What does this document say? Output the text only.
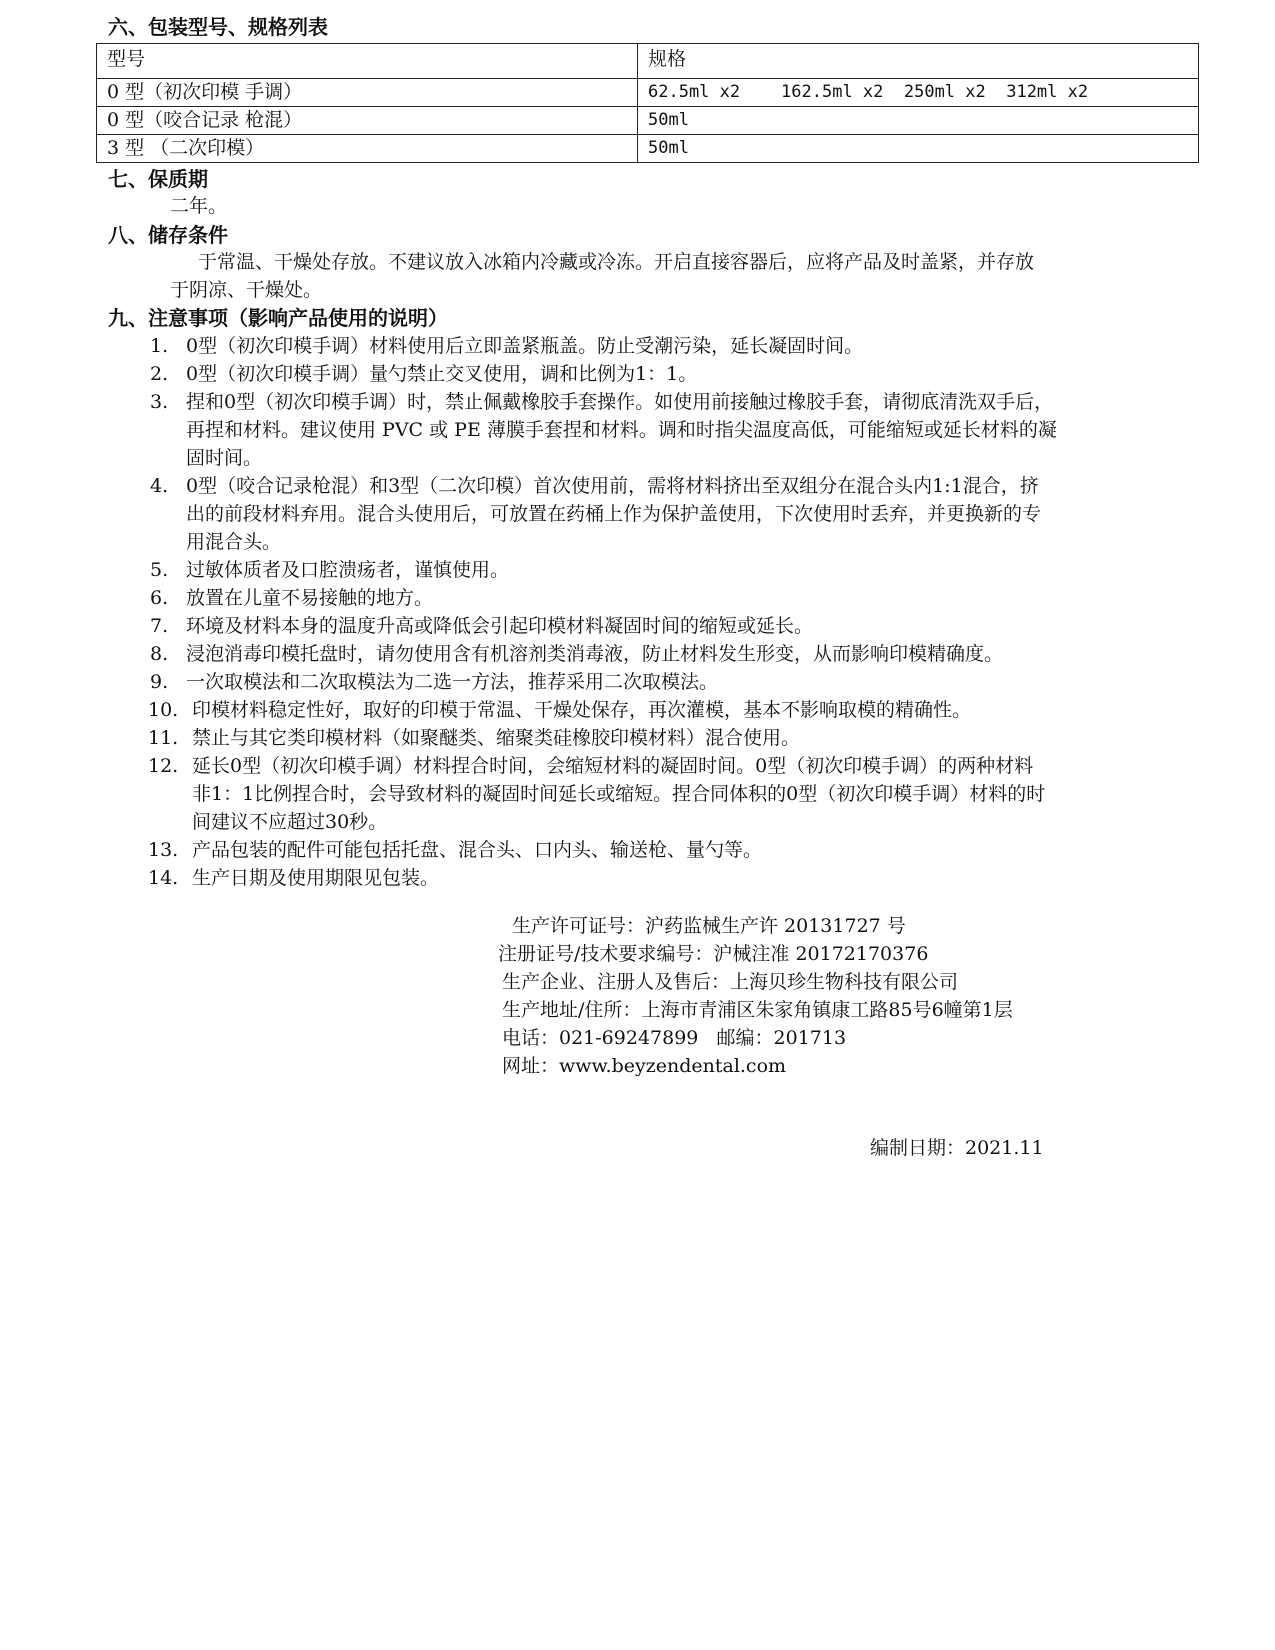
六、包装型号、规格列表
型号	规格
0 型（初次印模 手调）	62.5ml x2    162.5ml x2  250ml x2  312ml x2
0 型（咬合记录 枪混）	50ml
3 型 （二次印模）	50ml
七、保质期
二年。
八、储存条件
于常温、干燥处存放。不建议放入冰箱内冷藏或冷冻。开启直接容器后，应将产品及时盖紧，并存放
于阴凉、干燥处。
九、注意事项（影响产品使用的说明）
1. 0型（初次印模手调）材料使用后立即盖紧瓶盖。防止受潮污染，延长凝固时间。
2. 0型（初次印模手调）量勺禁止交叉使用，调和比例为1：1。
3. 捏和0型（初次印模手调）时，禁止佩戴橡胶手套操作。如使用前接触过橡胶手套，请彻底清洗双手后，
再捏和材料。建议使用 PVC 或 PE 薄膜手套捏和材料。调和时指尖温度高低，可能缩短或延长材料的凝
固时间。
4. 0型（咬合记录枪混）和3型（二次印模）首次使用前，需将材料挤出至双组分在混合头内1:1混合，挤
出的前段材料弃用。混合头使用后，可放置在药桶上作为保护盖使用，下次使用时丢弃，并更换新的专
用混合头。
5. 过敏体质者及口腔溃疡者，谨慎使用。
6. 放置在儿童不易接触的地方。
7. 环境及材料本身的温度升高或降低会引起印模材料凝固时间的缩短或延长。
8. 浸泡消毒印模托盘时，请勿使用含有机溶剂类消毒液，防止材料发生形变，从而影响印模精确度。
9. 一次取模法和二次取模法为二选一方法，推荐采用二次取模法。
10. 印模材料稳定性好，取好的印模于常温、干燥处保存，再次灌模，基本不影响取模的精确性。
11. 禁止与其它类印模材料（如聚醚类、缩聚类硅橡胶印模材料）混合使用。
12. 延长0型（初次印模手调）材料捏合时间，会缩短材料的凝固时间。0型（初次印模手调）的两种材料
非1：1比例捏合时，会导致材料的凝固时间延长或缩短。捏合同体积的0型（初次印模手调）材料的时
间建议不应超过30秒。
13. 产品包装的配件可能包括托盘、混合头、口内头、输送枪、量勺等。
14. 生产日期及使用期限见包装。
生产许可证号：沪药监械生产许 20131727 号
注册证号/技术要求编号：沪械注准 20172170376
生产企业、注册人及售后：上海贝珍生物科技有限公司
生产地址/住所：上海市青浦区朱家角镇康工路85号6幢第1层
电话：021-69247899   邮编：201713
网址：www.beyzendental.com
编制日期：2021.11
